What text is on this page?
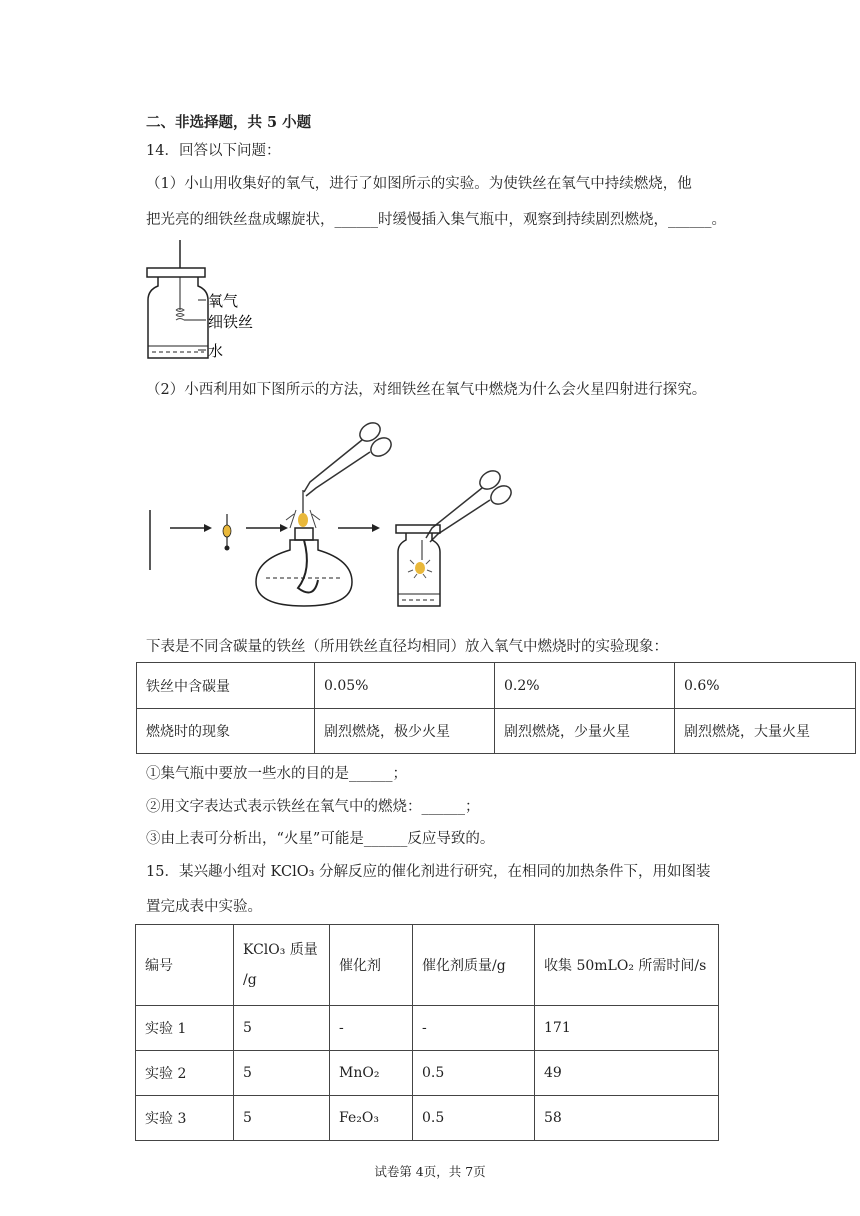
二、非选择题，共 5 小题
14．回答以下问题：
（1）小山用收集好的氧气，进行了如图所示的实验。为使铁丝在氧气中持续燃烧，他
把光亮的细铁丝盘成螺旋状，______时缓慢插入集气瓶中，观察到持续剧烈燃烧，______。
氧气
细铁丝
水
（2）小西利用如下图所示的方法，对细铁丝在氧气中燃烧为什么会火星四射进行探究。
下表是不同含碳量的铁丝（所用铁丝直径均相同）放入氧气中燃烧时的实验现象：
铁丝中含碳量	0.05%	0.2%	0.6%
燃烧时的现象	剧烈燃烧，极少火星	剧烈燃烧，少量火星	剧烈燃烧，大量火星
①集气瓶中要放一些水的目的是______；
②用文字表达式表示铁丝在氧气中的燃烧：______；
③由上表可分析出，“火星”可能是______反应导致的。
15．某兴趣小组对 KClO₃ 分解反应的催化剂进行研究，在相同的加热条件下，用如图装
置完成表中实验。
编号	KClO₃ 质量
/g	催化剂	催化剂质量/g	收集 50mLO₂ 所需时间/s
实验 1	5	-	-	171
实验 2	5	MnO₂	0.5	49
实验 3	5	Fe₂O₃	0.5	58
试卷第 4页，共 7页
